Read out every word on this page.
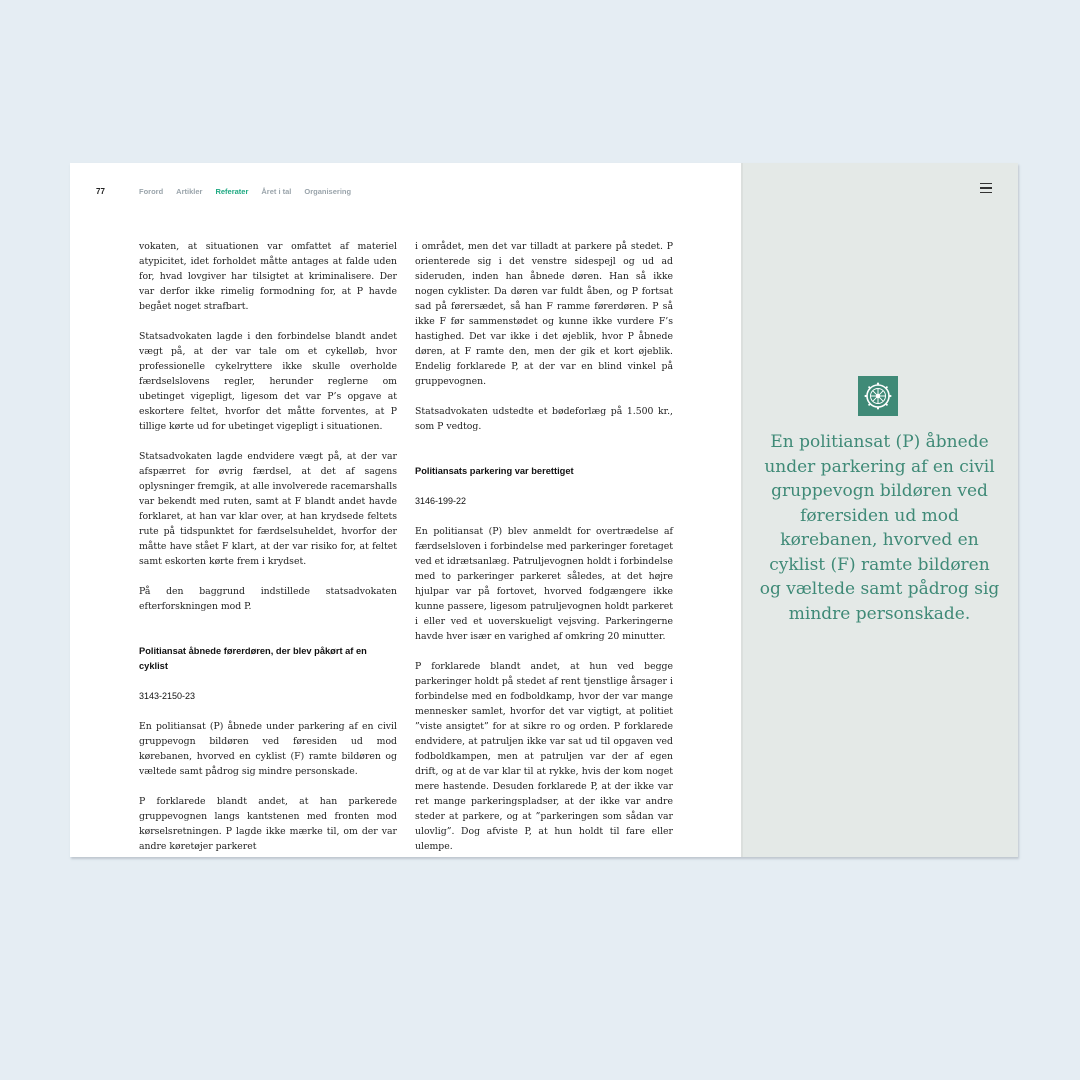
77	Forord Artikler Referater Året i tal Organisering

vokaten, at situationen var omfattet af materiel atypicitet, idet forholdet måtte antages at falde uden for, hvad lovgiver har tilsigtet at kriminalisere. Der var derfor ikke rimelig formodning for, at P havde begået noget strafbart.

Statsadvokaten lagde i den forbindelse blandt andet vægt på, at der var tale om et cykelløb, hvor professionelle cykelryttere ikke skulle overholde færdselslovens regler, herunder reglerne om ubetinget vigepligt, ligesom det var P’s opgave at eskortere feltet, hvorfor det måtte forventes, at P tillige kørte ud for ubetinget vigepligt i situationen.

Statsadvokaten lagde endvidere vægt på, at der var afspærret for øvrig færdsel, at det af sagens oplysninger fremgik, at alle involverede racemarshalls var bekendt med ruten, samt at F blandt andet havde forklaret, at han var klar over, at han krydsede feltets rute på tidspunktet for færdselsuheldet, hvorfor der måtte have stået F klart, at der var risiko for, at feltet samt eskorten kørte frem i krydset.

På den baggrund indstillede statsadvokaten efterforskningen mod P.

Politiansat åbnede førerdøren, der blev påkørt af en cyklist

3143-2150-23

En politiansat (P) åbnede under parkering af en civil gruppevogn bildøren ved føresiden ud mod kørebanen, hvorved en cyklist (F) ramte bildøren og væltede samt pådrog sig mindre personskade.

P forklarede blandt andet, at han parkerede gruppevognen langs kantstenen med fronten mod kørselsretningen. P lagde ikke mærke til, om der var andre køretøjer parkeret

i området, men det var tilladt at parkere på stedet. P orienterede sig i det venstre sidespejl og ud ad sideruden, inden han åbnede døren. Han så ikke nogen cyklister. Da døren var fuldt åben, og P fortsat sad på førersædet, så han F ramme førerdøren. P så ikke F før sammenstødet og kunne ikke vurdere F’s hastighed. Det var ikke i det øjeblik, hvor P åbnede døren, at F ramte den, men der gik et kort øjeblik. Endelig forklarede P, at der var en blind vinkel på gruppevognen.

Statsadvokaten udstedte et bødeforlæg på 1.500 kr., som P vedtog.

Politiansats parkering var berettiget

3146-199-22

En politiansat (P) blev anmeldt for overtrædelse af færdselsloven i forbindelse med parkeringer foretaget ved et idrætsanlæg. Patruljevognen holdt i forbindelse med to parkeringer parkeret således, at det højre hjulpar var på fortovet, hvorved fodgængere ikke kunne passere, ligesom patruljevognen holdt parkeret i eller ved et uoverskueligt vejsving. Parkeringerne havde hver især en varighed af omkring 20 minutter.

P forklarede blandt andet, at hun ved begge parkeringer holdt på stedet af rent tjenstlige årsager i forbindelse med en fodboldkamp, hvor der var mange mennesker samlet, hvorfor det var vigtigt, at politiet ”viste ansigtet” for at sikre ro og orden. P forklarede endvidere, at patruljen ikke var sat ud til opgaven ved fodboldkampen, men at patruljen var der af egen drift, og at de var klar til at rykke, hvis der kom noget mere hastende. Desuden forklarede P, at der ikke var ret mange parkeringspladser, at der ikke var andre steder at parkere, og at ”parkeringen som sådan var ulovlig”. Dog afviste P, at hun holdt til fare eller ulempe.

En politiansat (P) åbnede under parkering af en civil gruppevogn bildøren ved førersiden ud mod kørebanen, hvorved en cyklist (F) ramte bildøren og væltede samt pådrog sig mindre personskade.
